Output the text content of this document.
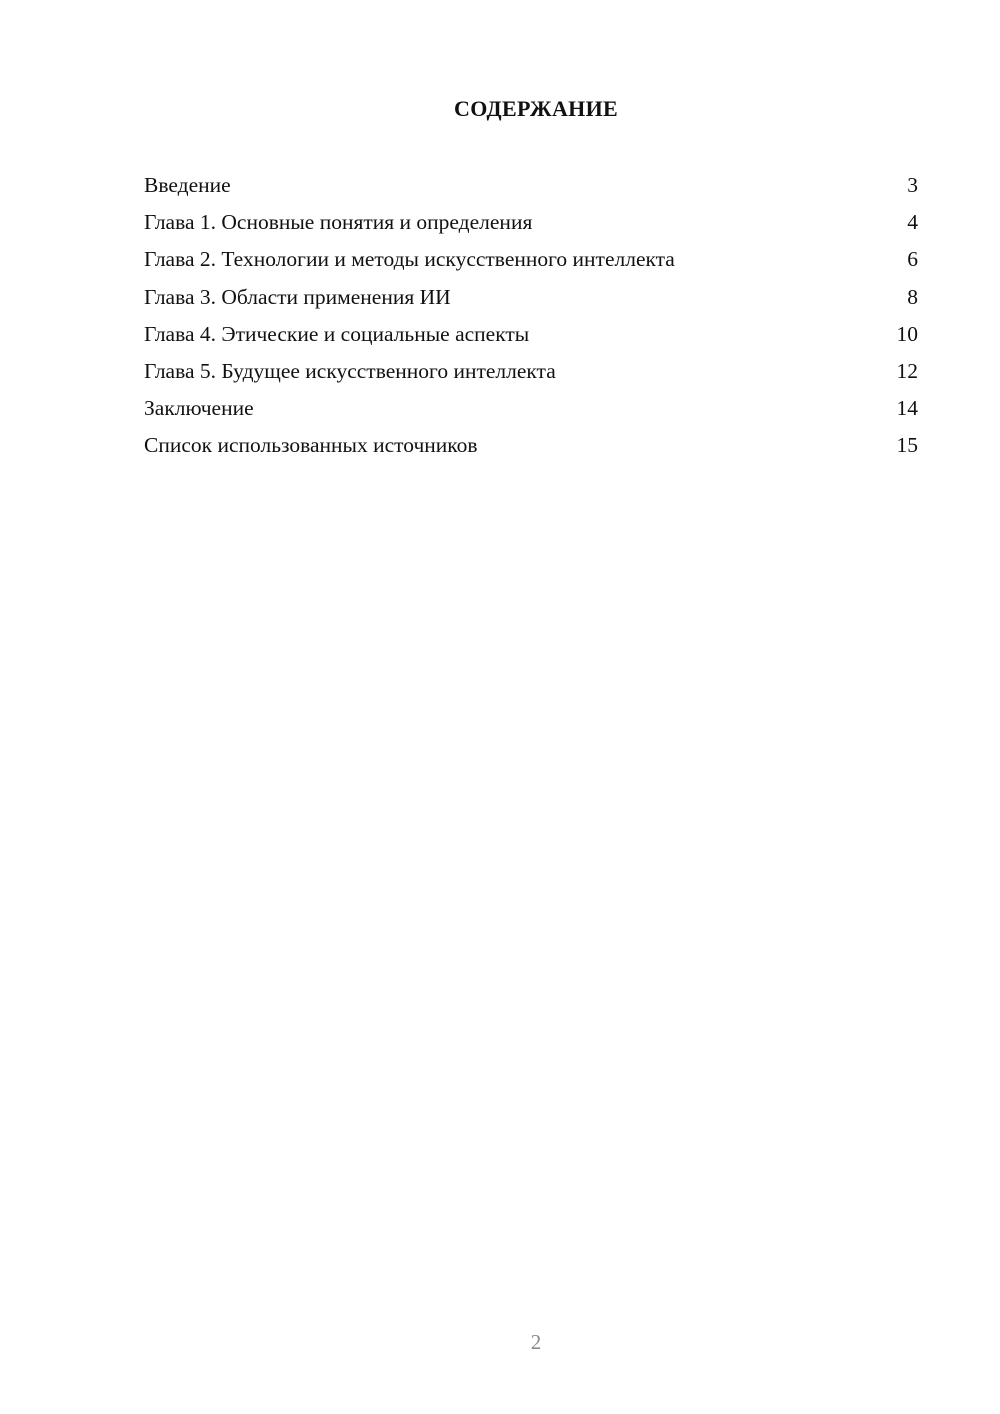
СОДЕРЖАНИЕ
Введение	3
Глава 1. Основные понятия и определения	4
Глава 2. Технологии и методы искусственного интеллекта	6
Глава 3. Области применения ИИ	8
Глава 4. Этические и социальные аспекты	10
Глава 5. Будущее искусственного интеллекта	12
Заключение	14
Список использованных источников	15
2
